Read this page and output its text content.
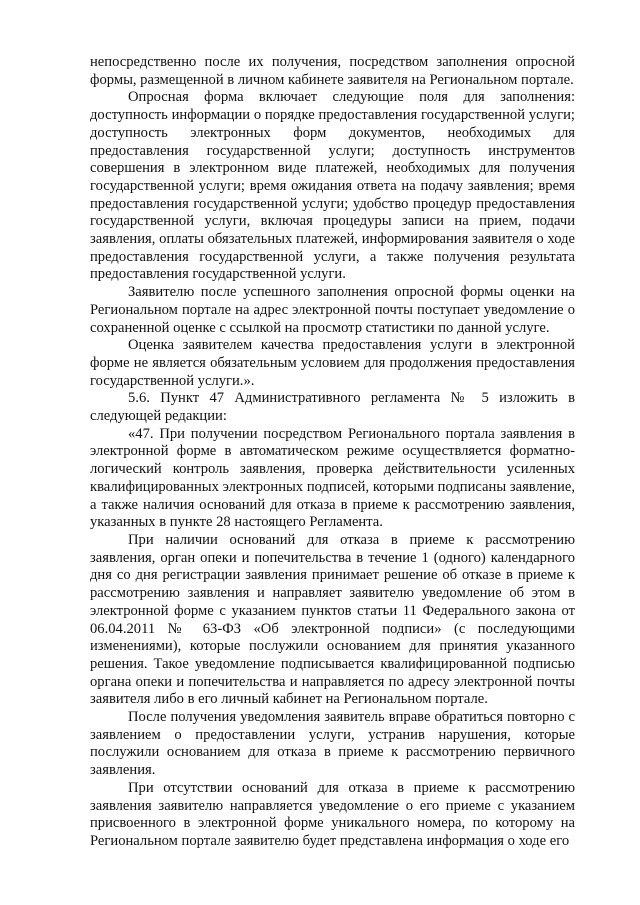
непосредственно после их получения, посредством заполнения опросной формы, размещенной в личном кабинете заявителя на Региональном портале.

Опросная форма включает следующие поля для заполнения: доступность информации о порядке предоставления государственной услуги; доступность электронных форм документов, необходимых для предоставления государственной услуги; доступность инструментов совершения в электронном виде платежей, необходимых для получения государственной услуги; время ожидания ответа на подачу заявления; время предоставления государственной услуги; удобство процедур предоставления государственной услуги, включая процедуры записи на прием, подачи заявления, оплаты обязательных платежей, информирования заявителя о ходе предоставления государственной услуги, а также получения результата предоставления государственной услуги.

Заявителю после успешного заполнения опросной формы оценки на Региональном портале на адрес электронной почты поступает уведомление о сохраненной оценке с ссылкой на просмотр статистики по данной услуге.

Оценка заявителем качества предоставления услуги в электронной форме не является обязательным условием для продолжения предоставления государственной услуги.».

5.6. Пункт 47 Административного регламента № 5 изложить в следующей редакции:

«47. При получении посредством Регионального портала заявления в электронной форме в автоматическом режиме осуществляется форматно-логический контроль заявления, проверка действительности усиленных квалифицированных электронных подписей, которыми подписаны заявление, а также наличия оснований для отказа в приеме к рассмотрению заявления, указанных в пункте 28 настоящего Регламента.

При наличии оснований для отказа в приеме к рассмотрению заявления, орган опеки и попечительства в течение 1 (одного) календарного дня со дня регистрации заявления принимает решение об отказе в приеме к рассмотрению заявления и направляет заявителю уведомление об этом в электронной форме с указанием пунктов статьи 11 Федерального закона от 06.04.2011 № 63-ФЗ «Об электронной подписи» (с последующими изменениями), которые послужили основанием для принятия указанного решения. Такое уведомление подписывается квалифицированной подписью органа опеки и попечительства и направляется по адресу электронной почты заявителя либо в его личный кабинет на Региональном портале.

После получения уведомления заявитель вправе обратиться повторно с заявлением о предоставлении услуги, устранив нарушения, которые послужили основанием для отказа в приеме к рассмотрению первичного заявления.

При отсутствии оснований для отказа в приеме к рассмотрению заявления заявителю направляется уведомление о его приеме с указанием присвоенного в электронной форме уникального номера, по которому на Региональном портале заявителю будет представлена информация о ходе его
